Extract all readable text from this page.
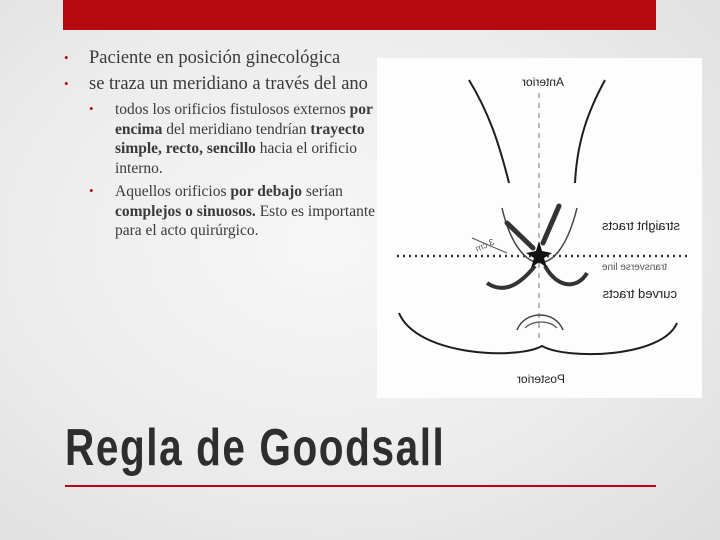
• Paciente en posición ginecológica
• se traza un meridiano a través del ano
• todos los orificios fistulosos externos por encima del meridiano tendrían trayecto simple, recto, sencillo hacia el orificio interno.
• Aquellos orificios por debajo serían complejos o sinuosos. Esto es importante para el acto quirúrgico.
Anterior
Posterior
straight tracts
curved tracts
transverse line
3 cm
Regla de Goodsall
